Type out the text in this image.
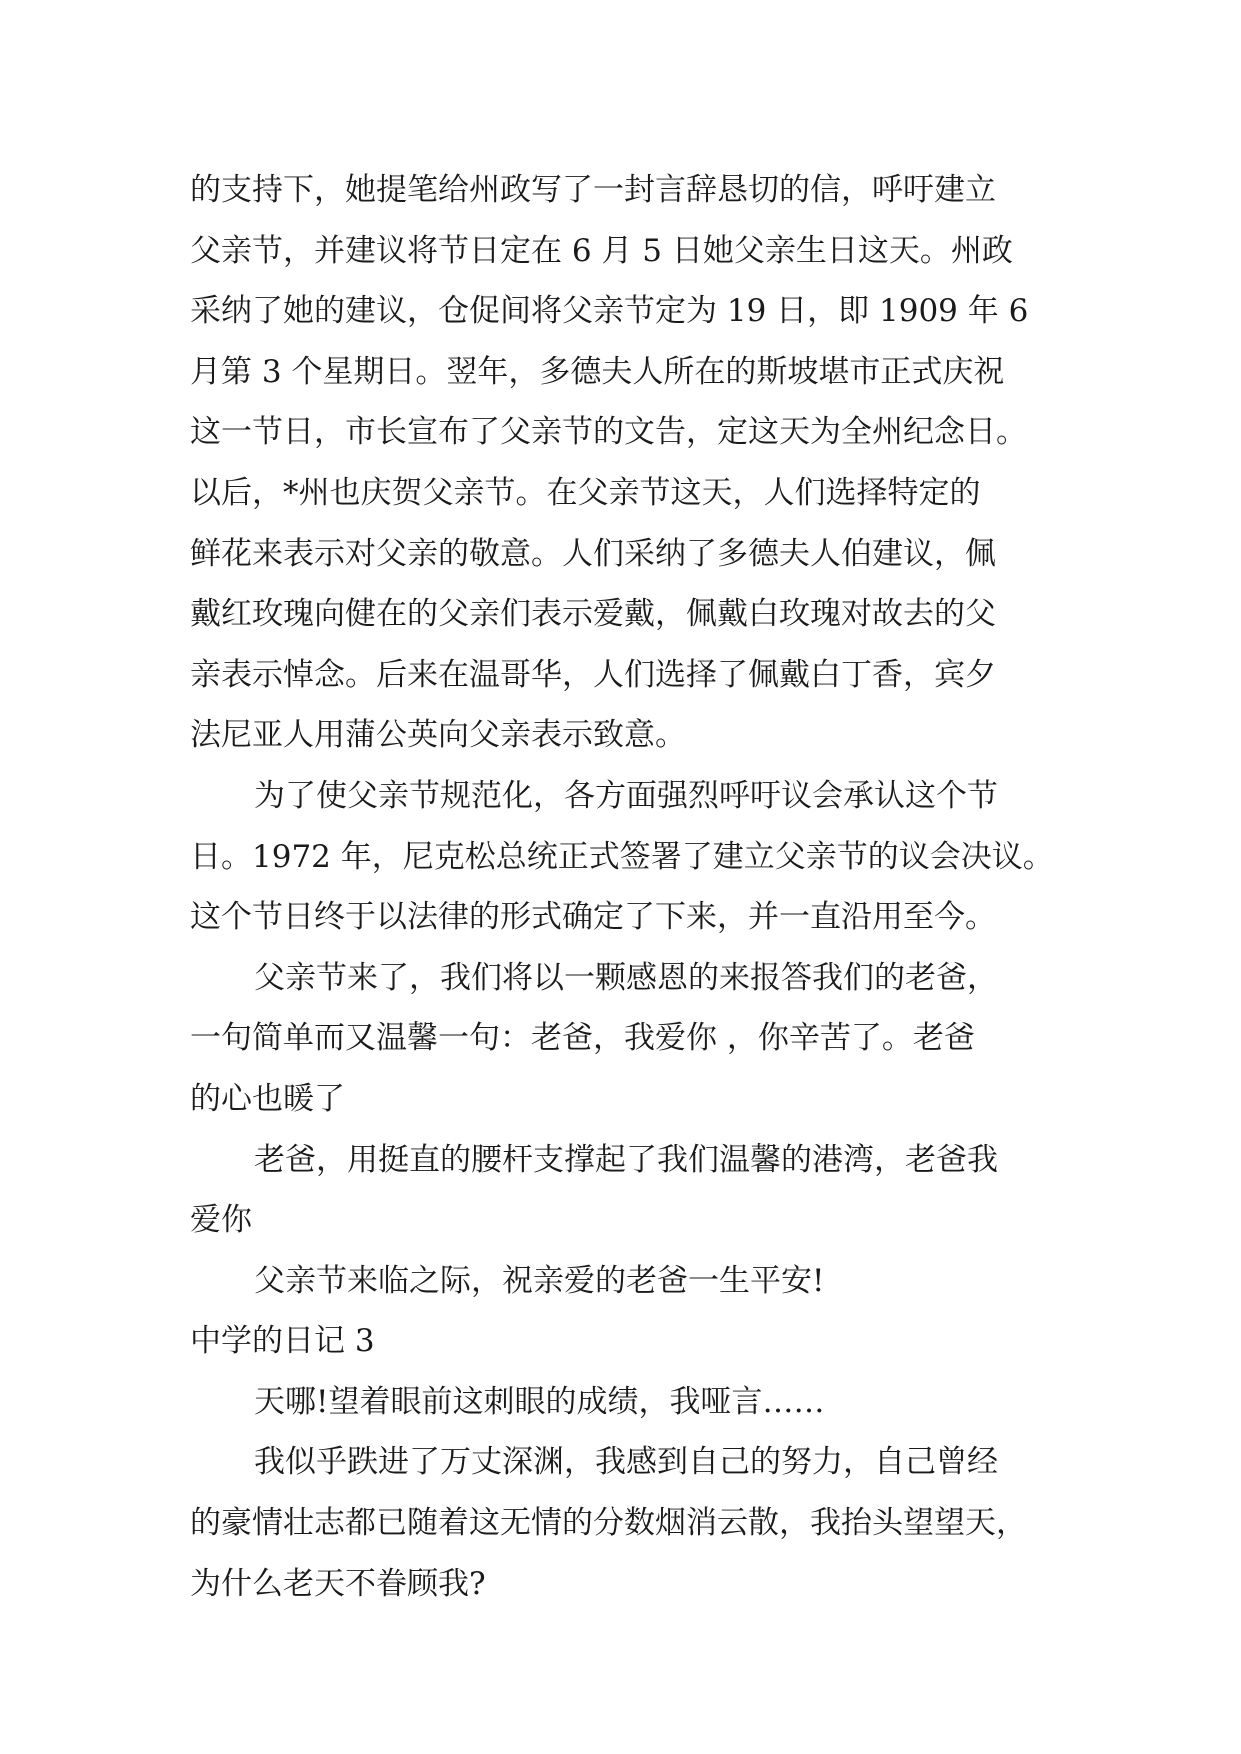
的支持下，她提笔给州政写了一封言辞恳切的信，呼吁建立
父亲节，并建议将节日定在 6 月 5 日她父亲生日这天。州政
采纳了她的建议，仓促间将父亲节定为 19 日，即 1909 年 6
月第 3 个星期日。翌年，多德夫人所在的斯坡堪市正式庆祝
这一节日，市长宣布了父亲节的文告，定这天为全州纪念日。
以后，*州也庆贺父亲节。在父亲节这天，人们选择特定的
鲜花来表示对父亲的敬意。人们采纳了多德夫人伯建议，佩
戴红玫瑰向健在的父亲们表示爱戴，佩戴白玫瑰对故去的父
亲表示悼念。后来在温哥华，人们选择了佩戴白丁香，宾夕
法尼亚人用蒲公英向父亲表示致意。
为了使父亲节规范化，各方面强烈呼吁议会承认这个节
日。1972 年，尼克松总统正式签署了建立父亲节的议会决议。
这个节日终于以法律的形式确定了下来，并一直沿用至今。
父亲节来了，我们将以一颗感恩的来报答我们的老爸，
一句简单而又温馨一句：老爸，我爱你 ，你辛苦了。老爸
的心也暖了
老爸，用挺直的腰杆支撑起了我们温馨的港湾，老爸我
爱你
父亲节来临之际，祝亲爱的老爸一生平安!
中学的日记 3
天哪!望着眼前这刺眼的成绩，我哑言……
我似乎跌进了万丈深渊，我感到自己的努力，自己曾经
的豪情壮志都已随着这无情的分数烟消云散，我抬头望望天，
为什么老天不眷顾我?
